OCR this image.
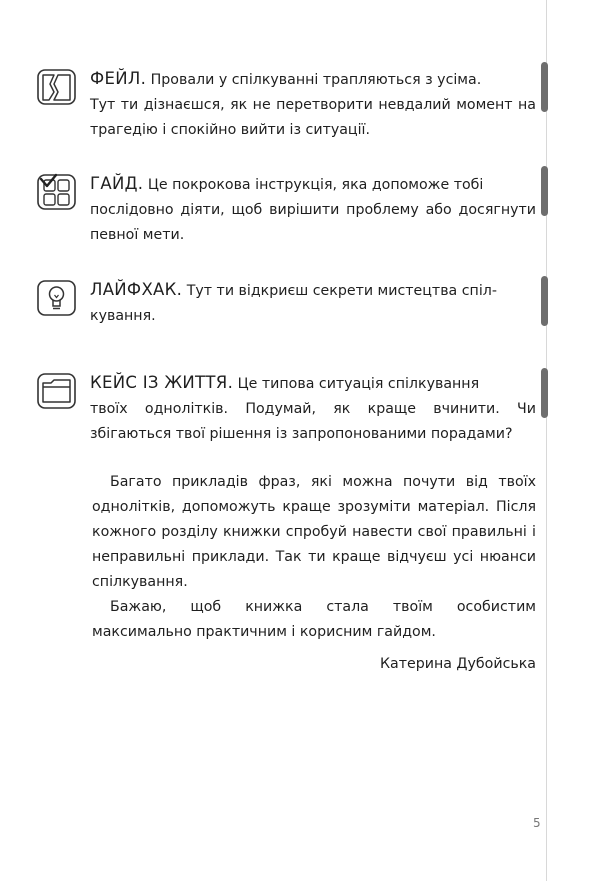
ФЕЙЛ. Провали у спілкуванні трапляються з усіма.
Тут ти дізнаєшся, як не перетворити невдалий момент на трагедію і спокійно вийти із ситуації.
ГАЙД. Це покрокова інструкція, яка допоможе тобі
послідовно діяти, щоб вирішити проблему або досягнути певної мети.
ЛАЙФХАК. Тут ти відкриєш секрети мистецтва спіл-
кування.
КЕЙС ІЗ ЖИТТЯ. Це типова ситуація спілкування
твоїх однолітків. Подумай, як краще вчинити. Чи збігаються твої рішення із запропонованими порадами?

Багато прикладів фраз, які можна почути від твоїх однолітків, допоможуть краще зрозуміти матеріал. Після кожного розділу книжки спробуй навести свої правильні і неправильні приклади. Так ти краще відчуєш усі нюанси спілкування.

Бажаю, щоб книжка стала твоїм особистим максимально практичним і корисним гайдом.

Катерина Дубойська
5
